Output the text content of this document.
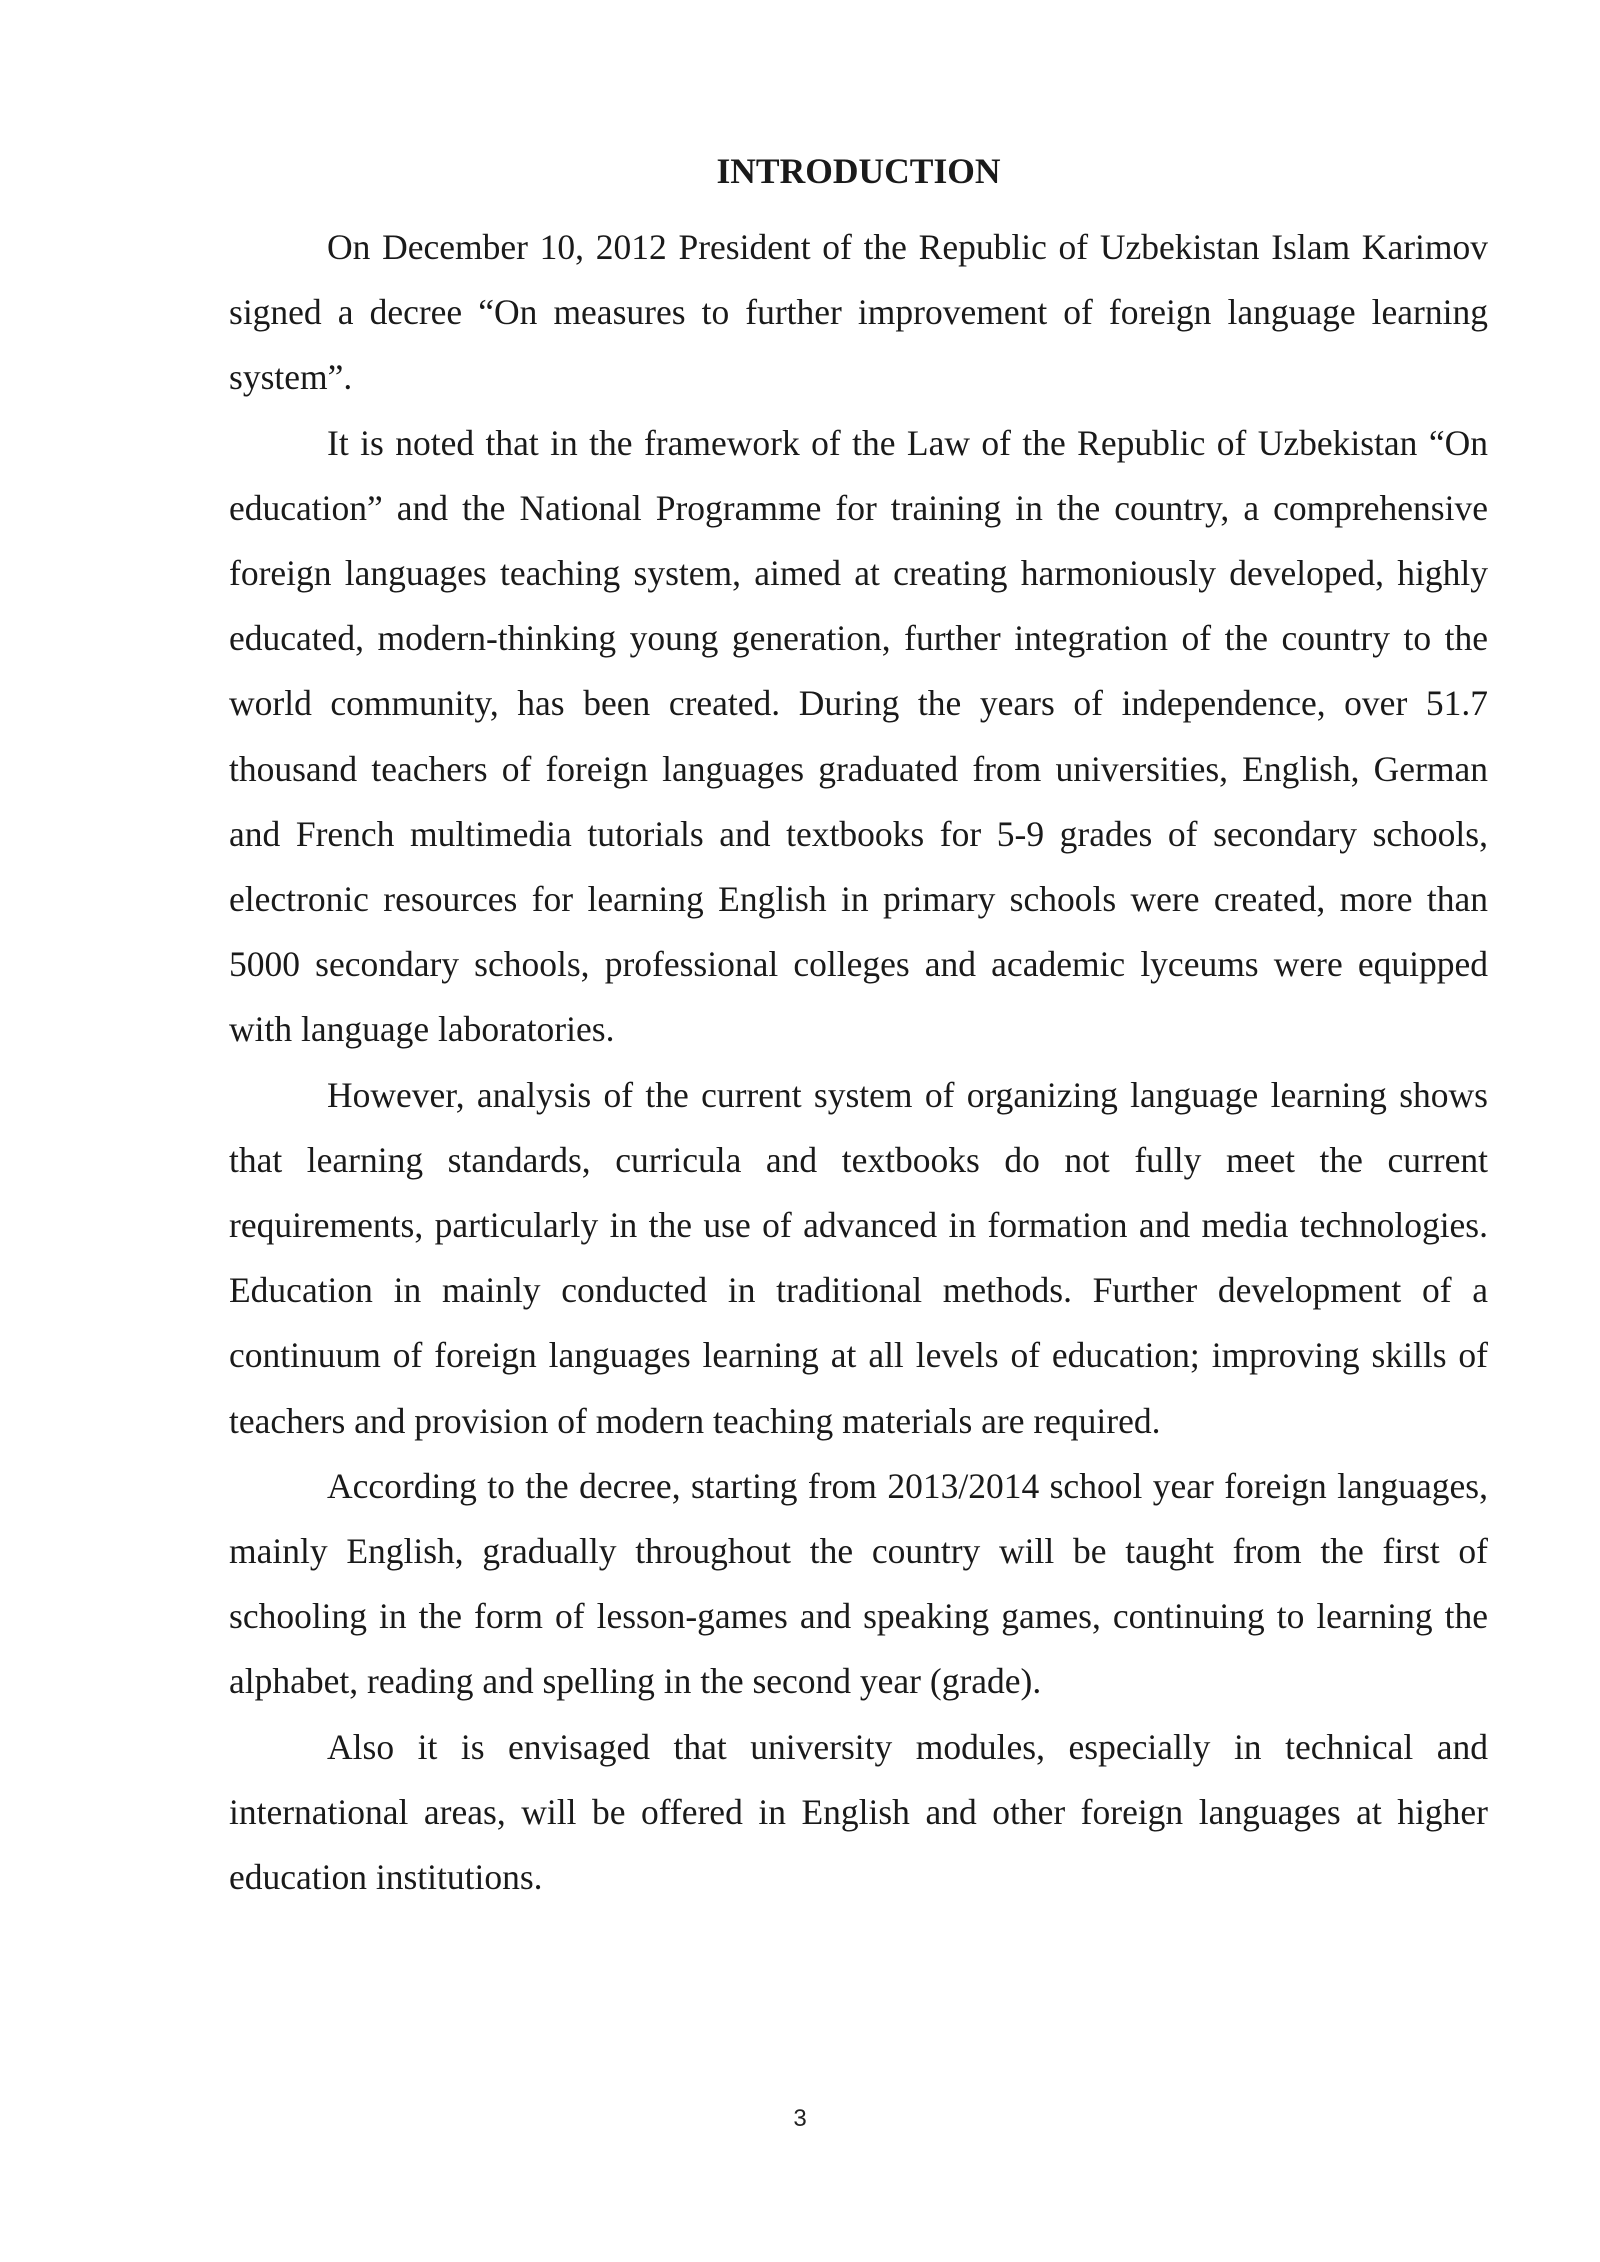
INTRODUCTION

On December 10, 2012 President of the Republic of Uzbekistan Islam Karimov signed a decree “On measures to further improvement of foreign language learning system”.

It is noted that in the framework of the Law of the Republic of Uzbekistan “On education” and the National Programme for training in the country, a comprehensive foreign languages teaching system, aimed at creating harmoniously developed, highly educated, modern-thinking young generation, further integration of the country to the world community, has been created. During the years of independence, over 51.7 thousand teachers of foreign languages graduated from universities, English, German and French multimedia tutorials and textbooks for 5-9 grades of secondary schools, electronic resources for learning English in primary schools were created, more than 5000 secondary schools, professional colleges and academic lyceums were equipped with language laboratories.

However, analysis of the current system of organizing language learning shows that learning standards, curricula and textbooks do not fully meet the current requirements, particularly in the use of advanced in formation and media technologies. Education in mainly conducted in traditional methods. Further development of a continuum of foreign languages learning at all levels of education; improving skills of teachers and provision of modern teaching materials are required.

According to the decree, starting from 2013/2014 school year foreign languages, mainly English, gradually throughout the country will be taught from the first of schooling in the form of lesson-games and speaking games, continuing to learning the alphabet, reading and spelling in the second year (grade).

Also it is envisaged that university modules, especially in technical and international areas, will be offered in English and other foreign languages at higher education institutions.

3
